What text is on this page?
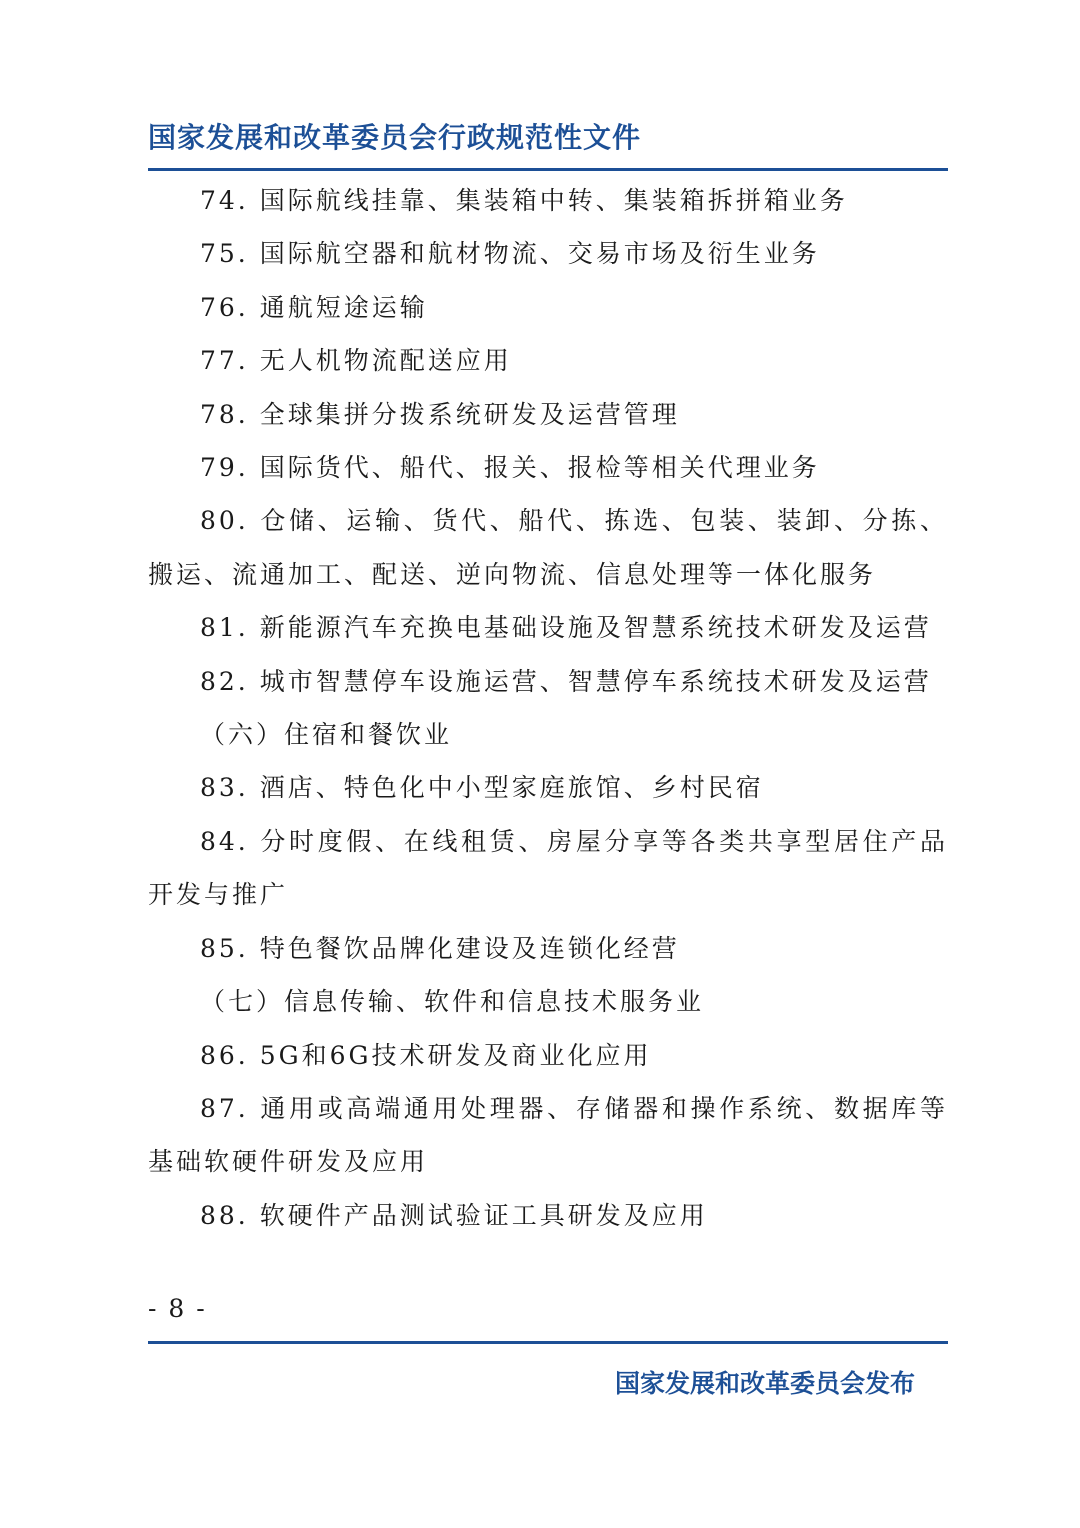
国家发展和改革委员会行政规范性文件

74. 国际航线挂靠、集装箱中转、集装箱拆拼箱业务

75. 国际航空器和航材物流、交易市场及衍生业务

76. 通航短途运输

77. 无人机物流配送应用

78. 全球集拼分拨系统研发及运营管理

79. 国际货代、船代、报关、报检等相关代理业务

80. 仓储、运输、货代、船代、拣选、包装、装卸、分拣、搬运、流通加工、配送、逆向物流、信息处理等一体化服务

81. 新能源汽车充换电基础设施及智慧系统技术研发及运营

82. 城市智慧停车设施运营、智慧停车系统技术研发及运营

（六）住宿和餐饮业

83. 酒店、特色化中小型家庭旅馆、乡村民宿

84. 分时度假、在线租赁、房屋分享等各类共享型居住产品开发与推广

85. 特色餐饮品牌化建设及连锁化经营

（七）信息传输、软件和信息技术服务业

86. 5G和6G技术研发及商业化应用

87. 通用或高端通用处理器、存储器和操作系统、数据库等基础软硬件研发及应用

88. 软硬件产品测试验证工具研发及应用

- 8 -
国家发展和改革委员会发布
